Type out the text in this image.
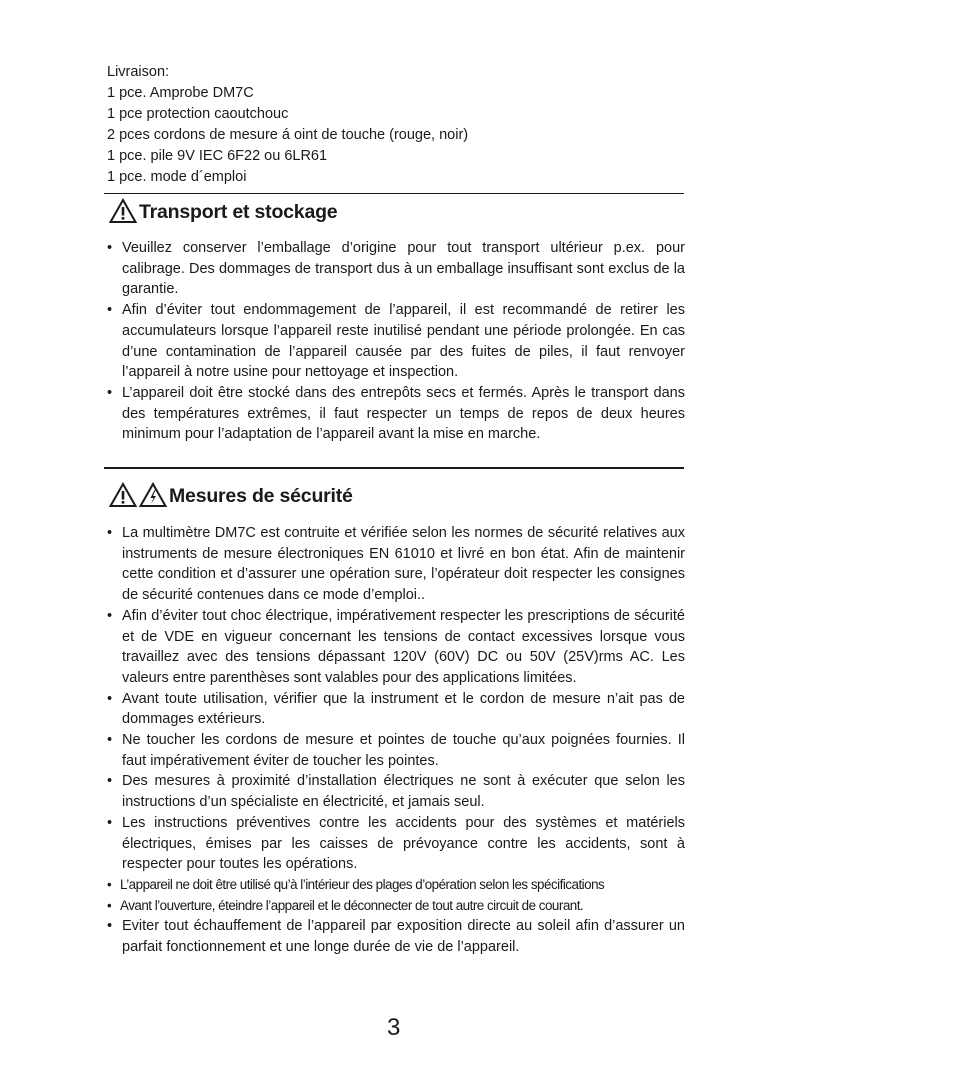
Livraison:
1 pce. Amprobe DM7C
1 pce protection caoutchouc
2 pces cordons de mesure á oint de touche (rouge, noir)
1 pce. pile 9V IEC 6F22 ou 6LR61
1 pce. mode d´emploi
Transport et stockage
• Veuillez conserver l’emballage d’origine pour tout transport ultérieur p.ex. pour calibrage. Des dommages de transport dus à un emballage insuffisant sont exclus de la garantie.
• Afin d’éviter tout endommagement de l’appareil, il est recommandé de retirer les accumulateurs lorsque l’appareil reste inutilisé pendant une période prolongée. En cas d’une contamination de l’appareil causée par des fuites de piles, il faut renvoyer l’appareil à notre usine pour nettoyage et inspection.
• L’appareil doit être stocké dans des entrepôts secs et fermés. Après le transport dans des températures extrêmes, il faut respecter un temps de repos de deux heures minimum pour l’adaptation de l’appareil avant la mise en marche.
Mesures de sécurité
• La multimètre DM7C est contruite et vérifiée selon les normes de sécurité relatives aux instruments de mesure électroniques EN 61010 et livré en bon état. Afin de maintenir cette condition et d’assurer une opération sure, l’opérateur doit respecter les consignes de sécurité contenues dans ce mode d’emploi..
• Afin d’éviter tout choc électrique, impérativement respecter les prescriptions de sécurité et de VDE en vigueur concernant les tensions de contact excessives lorsque vous travaillez avec des tensions dépassant 120V (60V) DC ou 50V (25V)rms AC. Les valeurs entre parenthèses sont valables pour des applications limitées.
• Avant toute utilisation, vérifier que la instrument et le cordon de mesure n’ait pas de dommages extérieurs.
• Ne toucher les cordons de mesure et pointes de touche qu’aux poignées fournies. Il faut impérativement éviter de toucher les pointes.
• Des mesures à proximité d’installation électriques ne sont à exécuter que selon les instructions d’un spécialiste en électricité, et jamais seul.
• Les instructions préventives contre les accidents pour des systèmes et matériels électriques, émises par les caisses de prévoyance contre les accidents, sont à respecter pour toutes les opérations.
• L’appareil ne doit être utilisé qu’à l’intérieur des plages d’opération selon les spécifications
• Avant l’ouverture, éteindre l’appareil et le déconnecter de tout autre circuit de courant.
• Eviter tout échauffement de l’appareil par exposition directe au soleil afin d’assurer un parfait fonctionnement et une longe durée de vie de l’appareil.
3
